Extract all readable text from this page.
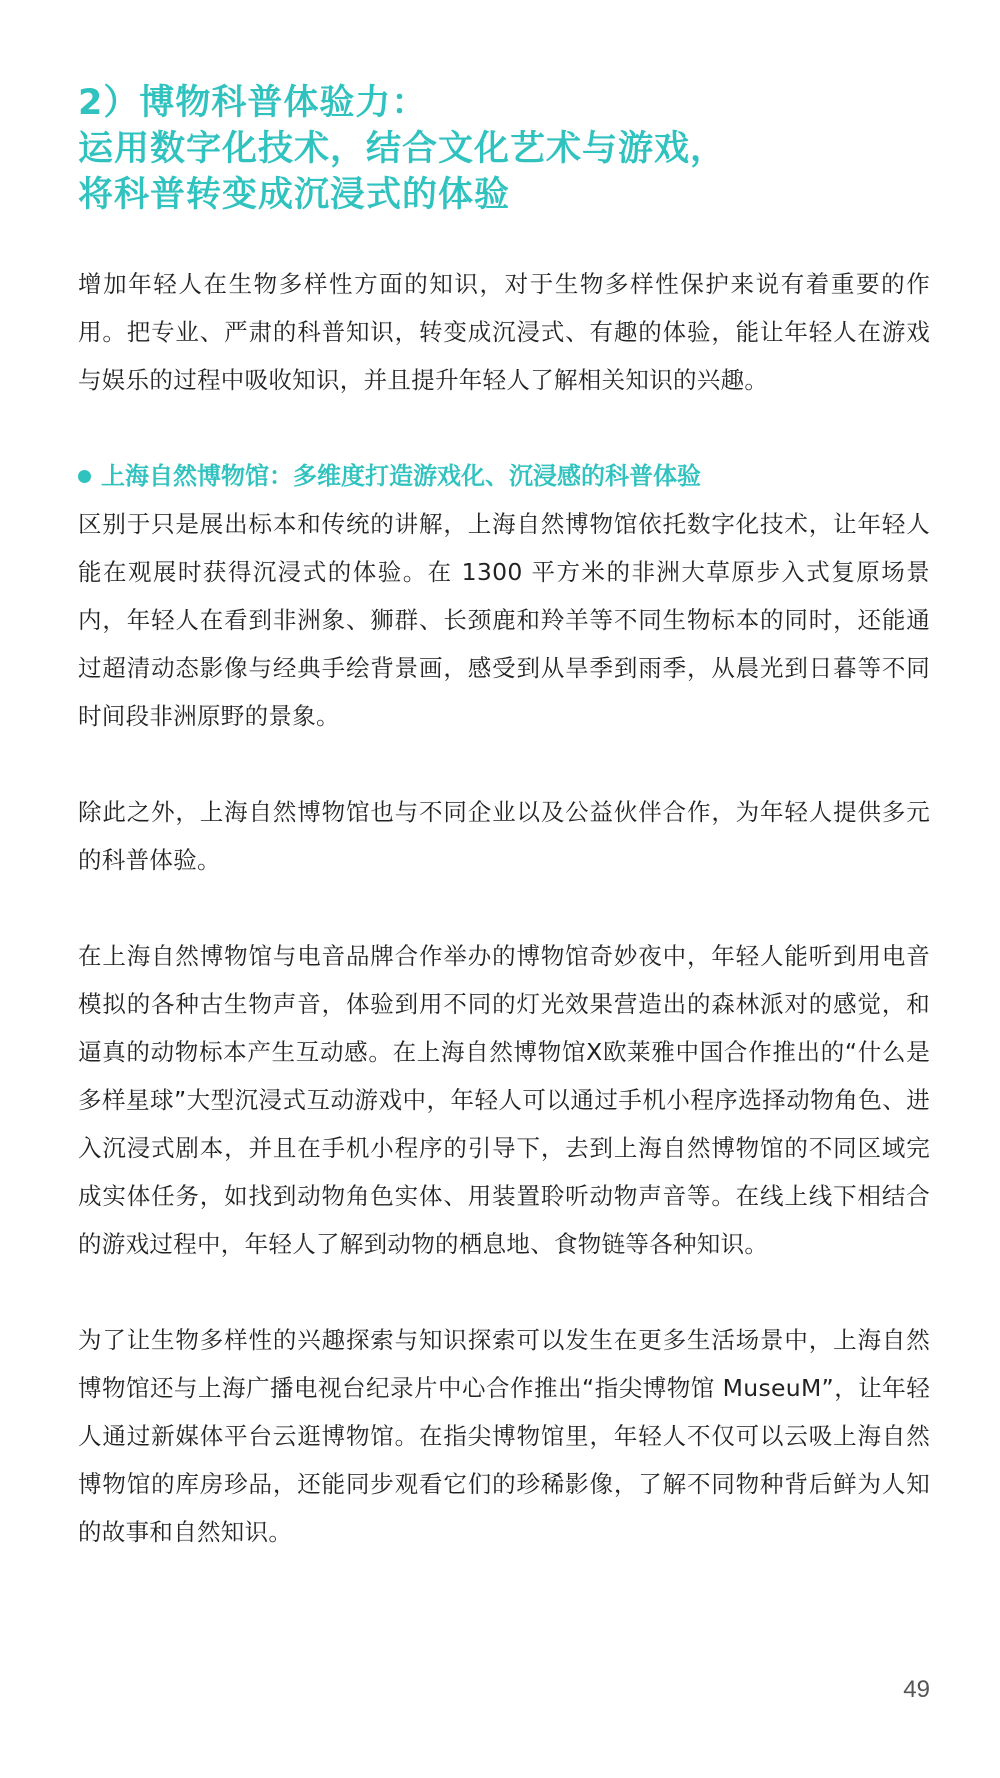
2）博物科普体验力：
运用数字化技术，结合文化艺术与游戏，
将科普转变成沉浸式的体验

增加年轻人在生物多样性方面的知识，对于生物多样性保护来说有着重要的作用。把专业、严肃的科普知识，转变成沉浸式、有趣的体验，能让年轻人在游戏与娱乐的过程中吸收知识，并且提升年轻人了解相关知识的兴趣。

上海自然博物馆：多维度打造游戏化、沉浸感的科普体验

区别于只是展出标本和传统的讲解，上海自然博物馆依托数字化技术，让年轻人能在观展时获得沉浸式的体验。在 1300 平方米的非洲大草原步入式复原场景内，年轻人在看到非洲象、狮群、长颈鹿和羚羊等不同生物标本的同时，还能通过超清动态影像与经典手绘背景画，感受到从旱季到雨季，从晨光到日暮等不同时间段非洲原野的景象。

除此之外，上海自然博物馆也与不同企业以及公益伙伴合作，为年轻人提供多元的科普体验。

在上海自然博物馆与电音品牌合作举办的博物馆奇妙夜中，年轻人能听到用电音模拟的各种古生物声音，体验到用不同的灯光效果营造出的森林派对的感觉，和逼真的动物标本产生互动感。在上海自然博物馆X欧莱雅中国合作推出的“什么是多样星球”大型沉浸式互动游戏中，年轻人可以通过手机小程序选择动物角色、进入沉浸式剧本，并且在手机小程序的引导下，去到上海自然博物馆的不同区域完成实体任务，如找到动物角色实体、用装置聆听动物声音等。在线上线下相结合的游戏过程中，年轻人了解到动物的栖息地、食物链等各种知识。

为了让生物多样性的兴趣探索与知识探索可以发生在更多生活场景中，上海自然博物馆还与上海广播电视台纪录片中心合作推出“指尖博物馆 MuseuM”，让年轻人通过新媒体平台云逛博物馆。在指尖博物馆里，年轻人不仅可以云吸上海自然博物馆的库房珍品，还能同步观看它们的珍稀影像，了解不同物种背后鲜为人知的故事和自然知识。

49
